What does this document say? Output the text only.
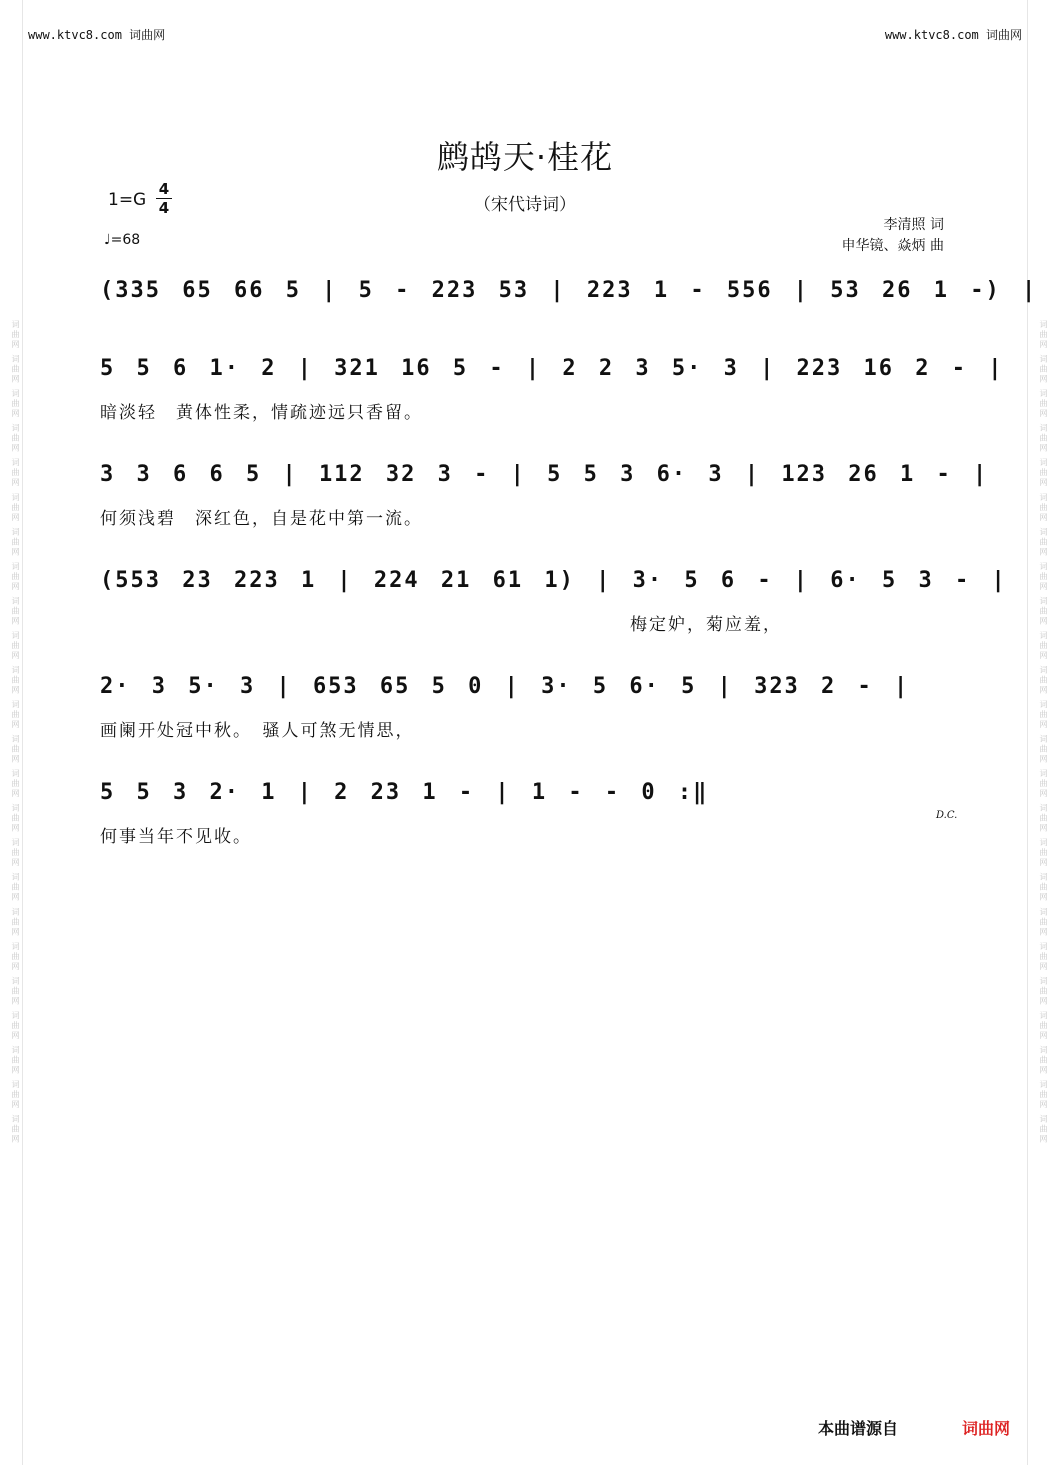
词曲网 词曲网 词曲网 词曲网 词曲网 词曲网 词曲网 词曲网 词曲网 词曲网 词曲网 词曲网 词曲网 词曲网 词曲网 词曲网 词曲网 词曲网 词曲网 词曲网 词曲网 词曲网 词曲网 词曲网	词曲网 词曲网 词曲网 词曲网 词曲网 词曲网 词曲网 词曲网 词曲网 词曲网 词曲网 词曲网 词曲网 词曲网 词曲网 词曲网 词曲网 词曲网 词曲网 词曲网 词曲网 词曲网 词曲网 词曲网
www.ktvc8.com 词曲网	www.ktvc8.com 词曲网
鹧鸪天·桂花
（宋代诗词）
1=G
4
4
♩=68
李清照 词
申华镜、焱炳 曲
(335 65 66 5 | 5 - 223 53 | 223 1 - 556 | 53 26 1 -) |
5 5 6 1· 2 | 321 16 5 - | 2 2 3 5· 3 | 223 16 2 - |
暗淡轻　黄体性柔，情疏迹远只香留。
3 3 6 6 5 | 112 32 3 - | 5 5 3 6· 3 | 123 26 1 - |
何须浅碧　深红色，自是花中第一流。
(553 23 223 1 | 224 21 61 1) | 3· 5 6 - | 6· 5 3 - |
梅定妒，菊应羞，
2· 3 5· 3 | 653 65 5 0 | 3· 5 6· 5 | 323 2 - |
画阑开处冠中秋。　骚人可煞无情思，
5 5 3 2· 1 | 2 23 1 - | 1 - - 0 :‖
何事当年不见收。
D.C.
本曲谱源自	词曲网
